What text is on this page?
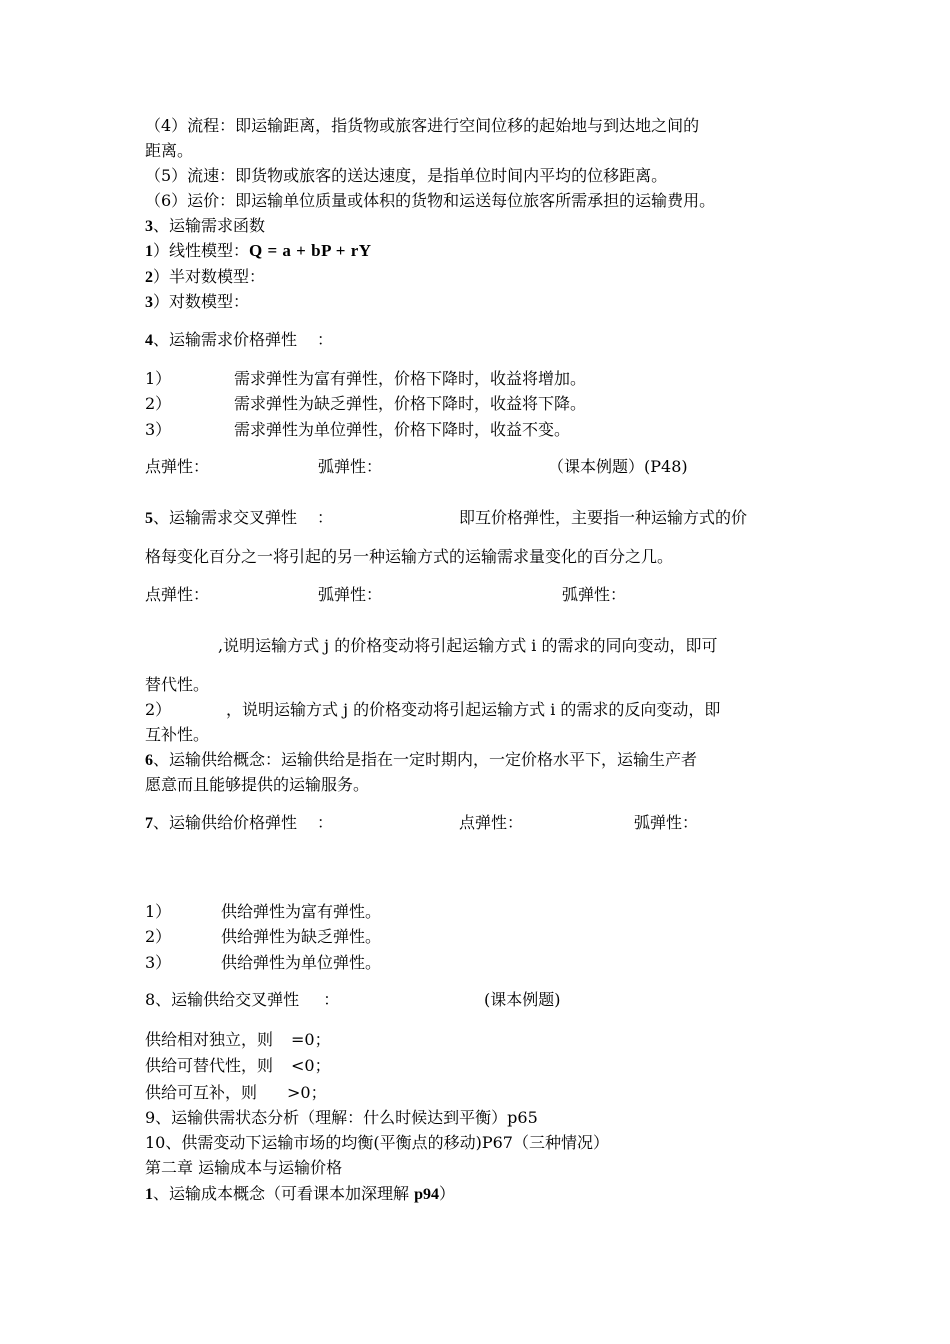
（4）流程：即运输距离，指货物或旅客进行空间位移的起始地与到达地之间的
距离。
（5）流速：即货物或旅客的送达速度，是指单位时间内平均的位移距离。
（6）运价：即运输单位质量或体积的货物和运送每位旅客所需承担的运输费用。
3、运输需求函数
1）线性模型：Q = a + bP + rY
2）半对数模型：
3）对数模型：
4、运输需求价格弹性 ：
1）	需求弹性为富有弹性，价格下降时，收益将增加。
2）	需求弹性为缺乏弹性，价格下降时，收益将下降。
3）	需求弹性为单位弹性，价格下降时，收益不变。
点弹性：	弧弹性：	（课本例题）(P48)
5、运输需求交叉弹性 ：	即互价格弹性，主要指一种运输方式的价
格每变化百分之一将引起的另一种运输方式的运输需求量变化的百分之几。
点弹性：	弧弹性：	弧弹性：
,说明运输方式 j 的价格变动将引起运输方式 i 的需求的同向变动，即可
替代性。
2）	，说明运输方式 j 的价格变动将引起运输方式 i 的需求的反向变动，即
互补性。
6、运输供给概念：运输供给是指在一定时期内，一定价格水平下，运输生产者
愿意而且能够提供的运输服务。
7、运输供给价格弹性 ：	点弹性：	弧弹性：
1）	供给弹性为富有弹性。
2）	供给弹性为缺乏弹性。
3）	供给弹性为单位弹性。
8、运输供给交叉弹性 ：	(课本例题)
供给相对独立，则 =0；
供给可替代性，则 <0；
供给可互补，则 >0；
9、运输供需状态分析（理解：什么时候达到平衡）p65
10、供需变动下运输市场的均衡(平衡点的移动)P67（三种情况）
第二章 运输成本与运输价格
1、运输成本概念（可看课本加深理解 p94）
